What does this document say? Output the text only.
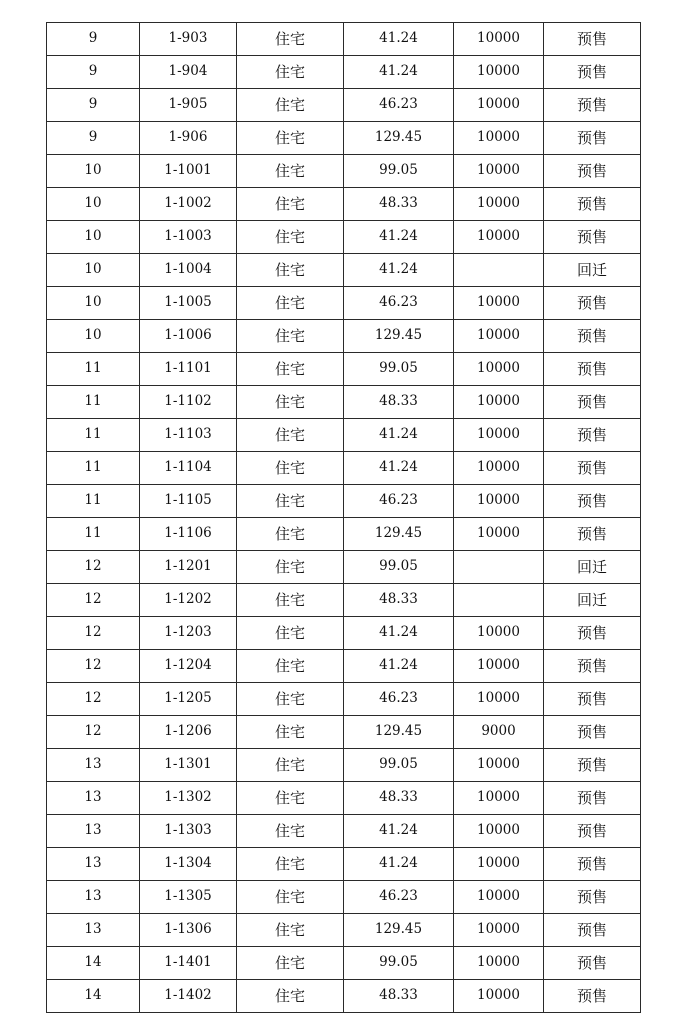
9	1-903	住宅	41.24	10000	预售
9	1-904	住宅	41.24	10000	预售
9	1-905	住宅	46.23	10000	预售
9	1-906	住宅	129.45	10000	预售
10	1-1001	住宅	99.05	10000	预售
10	1-1002	住宅	48.33	10000	预售
10	1-1003	住宅	41.24	10000	预售
10	1-1004	住宅	41.24		回迁
10	1-1005	住宅	46.23	10000	预售
10	1-1006	住宅	129.45	10000	预售
11	1-1101	住宅	99.05	10000	预售
11	1-1102	住宅	48.33	10000	预售
11	1-1103	住宅	41.24	10000	预售
11	1-1104	住宅	41.24	10000	预售
11	1-1105	住宅	46.23	10000	预售
11	1-1106	住宅	129.45	10000	预售
12	1-1201	住宅	99.05		回迁
12	1-1202	住宅	48.33		回迁
12	1-1203	住宅	41.24	10000	预售
12	1-1204	住宅	41.24	10000	预售
12	1-1205	住宅	46.23	10000	预售
12	1-1206	住宅	129.45	9000	预售
13	1-1301	住宅	99.05	10000	预售
13	1-1302	住宅	48.33	10000	预售
13	1-1303	住宅	41.24	10000	预售
13	1-1304	住宅	41.24	10000	预售
13	1-1305	住宅	46.23	10000	预售
13	1-1306	住宅	129.45	10000	预售
14	1-1401	住宅	99.05	10000	预售
14	1-1402	住宅	48.33	10000	预售
